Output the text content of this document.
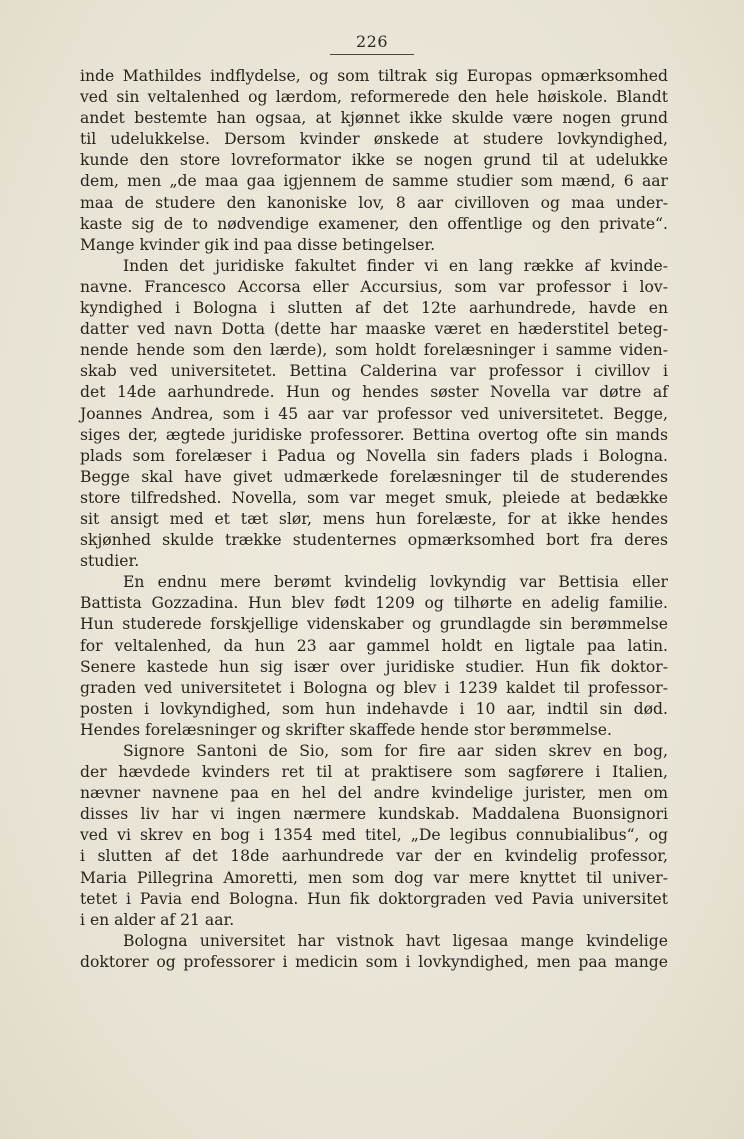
226
inde Mathildes indflydelse, og som tiltrak sig Europas opmærksomhed
ved sin veltalenhed og lærdom, reformerede den hele høiskole. Blandt
andet bestemte han ogsaa, at kjønnet ikke skulde være nogen grund
til udelukkelse. Dersom kvinder ønskede at studere lovkyndighed,
kunde den store lovreformator ikke se nogen grund til at udelukke
dem, men „de maa gaa igjennem de samme studier som mænd, 6 aar
maa de studere den kanoniske lov, 8 aar civilloven og maa under-
kaste sig de to nødvendige examener, den offentlige og den private“.
Mange kvinder gik ind paa disse betingelser.
Inden det juridiske fakultet finder vi en lang række af kvinde-
navne. Francesco Accorsa eller Accursius, som var professor i lov-
kyndighed i Bologna i slutten af det 12te aarhundrede, havde en
datter ved navn Dotta (dette har maaske været en hæderstitel beteg-
nende hende som den lærde), som holdt forelæsninger i samme viden-
skab ved universitetet. Bettina Calderina var professor i civillov i
det 14de aarhundrede. Hun og hendes søster Novella var døtre af
Joannes Andrea, som i 45 aar var professor ved universitetet. Begge,
siges der, ægtede juridiske professorer. Bettina overtog ofte sin mands
plads som forelæser i Padua og Novella sin faders plads i Bologna.
Begge skal have givet udmærkede forelæsninger til de studerendes
store tilfredshed. Novella, som var meget smuk, pleiede at bedække
sit ansigt med et tæt slør, mens hun forelæste, for at ikke hendes
skjønhed skulde trække studenternes opmærksomhed bort fra deres
studier.
En endnu mere berømt kvindelig lovkyndig var Bettisia eller
Battista Gozzadina. Hun blev født 1209 og tilhørte en adelig familie.
Hun studerede forskjellige videnskaber og grundlagde sin berømmelse
for veltalenhed, da hun 23 aar gammel holdt en ligtale paa latin.
Senere kastede hun sig især over juridiske studier. Hun fik doktor-
graden ved universitetet i Bologna og blev i 1239 kaldet til professor-
posten i lovkyndighed, som hun indehavde i 10 aar, indtil sin død.
Hendes forelæsninger og skrifter skaffede hende stor berømmelse.
Signore Santoni de Sio, som for fire aar siden skrev en bog,
der hævdede kvinders ret til at praktisere som sagførere i Italien,
nævner navnene paa en hel del andre kvindelige jurister, men om
disses liv har vi ingen nærmere kundskab. Maddalena Buonsignori
ved vi skrev en bog i 1354 med titel, „De legibus connubialibus“, og
i slutten af det 18de aarhundrede var der en kvindelig professor,
Maria Pillegrina Amoretti, men som dog var mere knyttet til univer-
tetet i Pavia end Bologna. Hun fik doktorgraden ved Pavia universitet
i en alder af 21 aar.
Bologna universitet har vistnok havt ligesaa mange kvindelige
doktorer og professorer i medicin som i lovkyndighed, men paa mange
